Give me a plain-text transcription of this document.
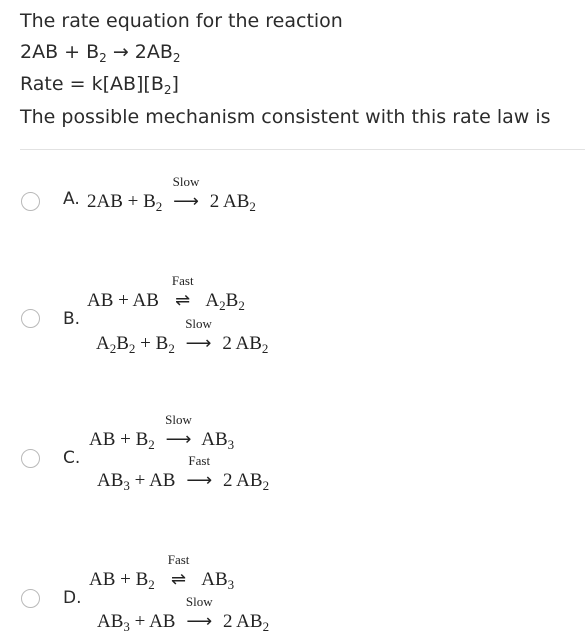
The rate equation for the reaction
$2AB + B_2 \to 2AB_2$
Rate = $k[AB][B_2]$
The possible mechanism consistent with this rate law is
A. $2AB + B_2$
Slow
⟶ 2 $AB_2$
B.
AB + AB
Fast
⇌ $A_2B_2$
$A_2B_2 + B_2$
Slow
⟶ 2 $AB_2$
C.
AB + $B_2$
Slow
⟶ $AB_3$
$AB_3$ + AB
Fast
⟶ 2 $AB_2$
D.
AB + $B_2$
Fast
⇌ $AB_3$
$AB_3$ + AB
Slow
⟶ 2 $AB_2$
